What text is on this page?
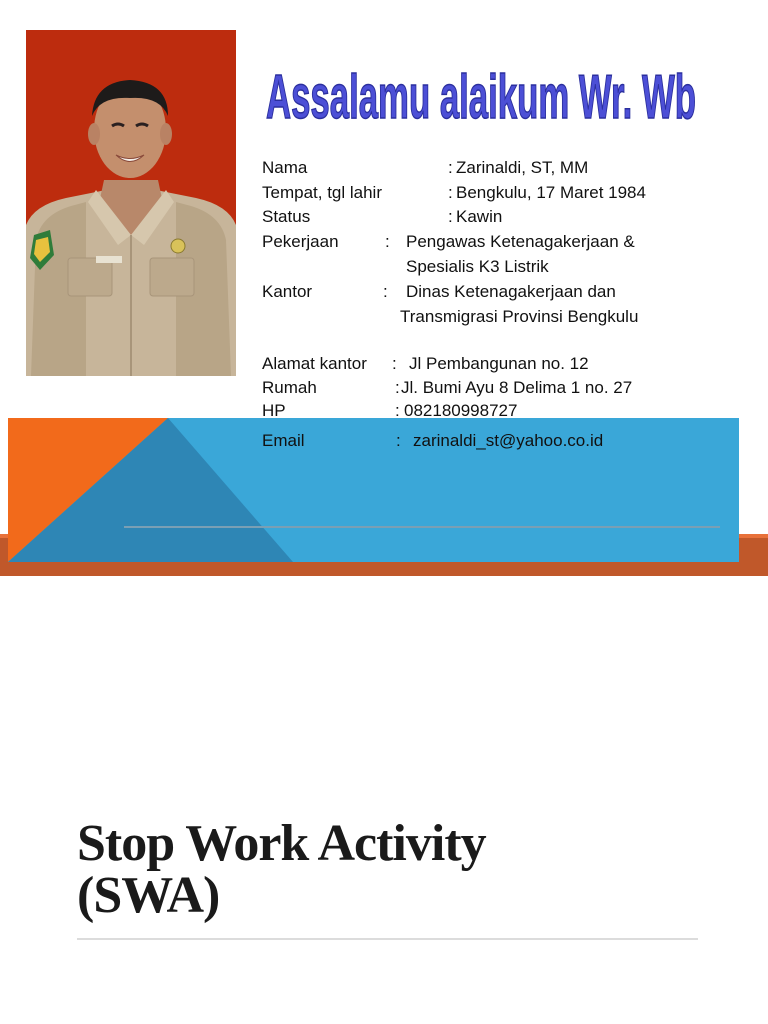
Assalamu alaikum Wr. Wb
Nama	: Zarinaldi, ST, MM
Tempat, tgl lahir	: Bengkulu, 17 Maret 1984
Status	: Kawin
Pekerjaan	: Pengawas Ketenagakerjaan &
Spesialis K3 Listrik
Kantor	: Dinas Ketenagakerjaan dan
Transmigrasi Provinsi Bengkulu
Alamat kantor : Jl Pembangunan no. 12
Rumah	: Jl. Bumi Ayu 8 Delima 1 no. 27
HP	: 082180998727
Email	: zarinaldi_st@yahoo.co.id
Stop Work Activity
(SWA)
